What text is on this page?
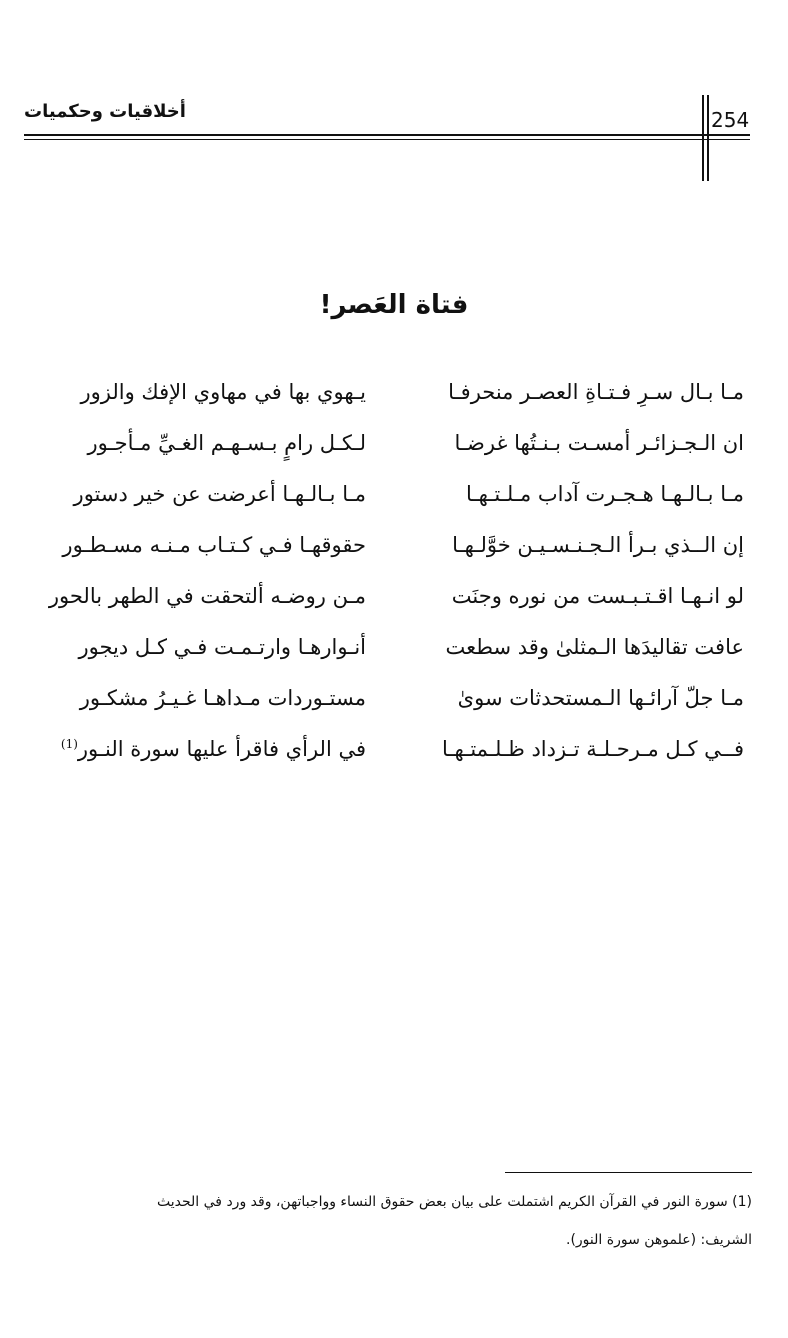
أخلاقيات وحكميات	254
فتاة العَصر!
مـا بـال سـرِ فـتـاةِ العصـر منحرفـا
يـهوي بها في مهاوي الإفك والزور
ان الـجـزائـر أمسـت بـنـتُها غرضـا
لـكـل رامٍ بـسـهـم الغـيِّ مـأجـور
مـا بـالـهـا هـجـرت آداب مـلـتـهـا
مـا بـالـهـا أعرضت عن خير دستور
إن الــذي بـرأ الـجـنـسـيـن خوَّلـهـا
حقوقهـا فـي كـتـاب مـنـه مسـطـور
لو انـهـا اقـتـبـست من نوره وجنَت
مـن روضـه ألتحقت في الطهر بالحور
عافت تقاليدَها الـمثلىٰ وقد سطعت
أنـوارهـا وارتـمـت فـي كـل ديجور
مـا جلّ آرائـها الـمستحدثات سوىٰ
مستـوردات مـداهـا غـيـرُ مشكـور
فــي كـل مـرحـلـة تـزداد ظـلـمتـهـا
في الرأي فاقرأ عليها سورة النـور$^{(1)}$
(1) سورة النور في القرآن الكريم اشتملت على بيان بعض حقوق النساء وواجباتهن، وقد ورد في الحديث
الشريف: (علموهن سورة النور).
